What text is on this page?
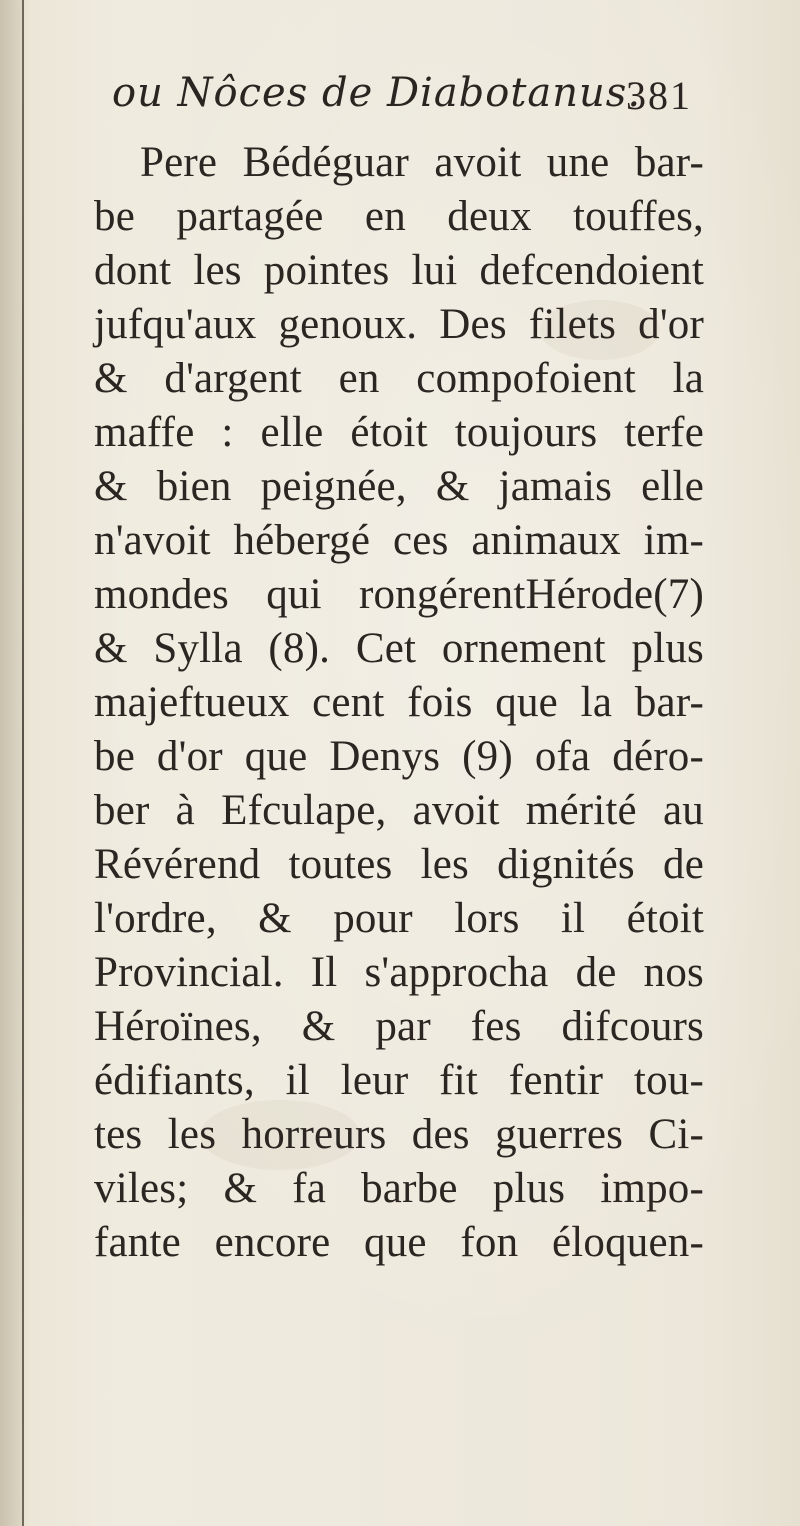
ou Nôces de Diabotanus.
381
Pere Bédéguar avoit une bar-
be partagée en deux touffes,
dont les pointes lui defcendoient
jufqu'aux genoux. Des filets d'or
& d'argent en compofoient la
maffe : elle étoit toujours terfe
& bien peignée, & jamais elle
n'avoit hébergé ces animaux im-
mondes qui rongérentHérode(7)
& Sylla (8). Cet ornement plus
majeftueux cent fois que la bar-
be d'or que Denys (9) ofa déro-
ber à Efculape, avoit mérité au
Révérend toutes les dignités de
l'ordre, & pour lors il étoit
Provincial. Il s'approcha de nos
Héroïnes, & par fes difcours
édifiants, il leur fit fentir tou-
tes les horreurs des guerres Ci-
viles; & fa barbe plus impo-
fante encore que fon éloquen-
